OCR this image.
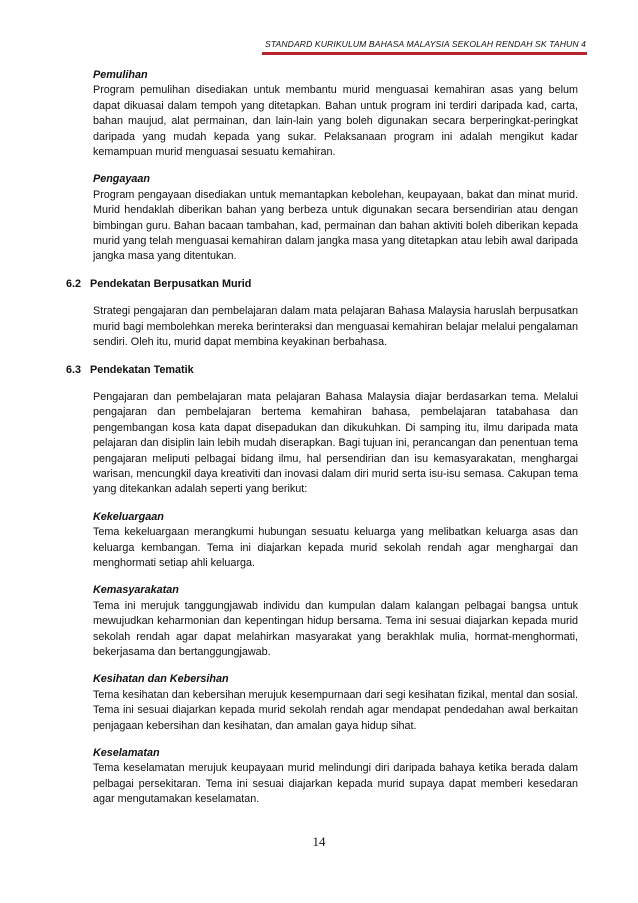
STANDARD KURIKULUM BAHASA MALAYSIA SEKOLAH RENDAH SK TAHUN 4
Pemulihan
Program pemulihan disediakan untuk membantu murid menguasai kemahiran asas yang belum dapat dikuasai dalam tempoh yang ditetapkan. Bahan untuk program ini terdiri daripada kad, carta, bahan maujud, alat permainan, dan lain-lain yang boleh digunakan secara berperingkat-peringkat daripada yang mudah kepada yang sukar. Pelaksanaan program ini adalah mengikut kadar kemampuan murid menguasai sesuatu kemahiran.
Pengayaan
Program pengayaan disediakan untuk memantapkan kebolehan, keupayaan, bakat dan minat murid. Murid hendaklah diberikan bahan yang berbeza untuk digunakan secara bersendirian atau dengan bimbingan guru. Bahan bacaan tambahan, kad, permainan dan bahan aktiviti boleh diberikan kepada murid yang telah menguasai kemahiran dalam jangka masa yang ditetapkan atau lebih awal daripada jangka masa yang ditentukan.
6.2 Pendekatan Berpusatkan Murid
Strategi pengajaran dan pembelajaran dalam mata pelajaran Bahasa Malaysia haruslah berpusatkan murid bagi membolehkan mereka berinteraksi dan menguasai kemahiran belajar melalui pengalaman sendiri. Oleh itu, murid dapat membina keyakinan berbahasa.
6.3 Pendekatan Tematik
Pengajaran dan pembelajaran mata pelajaran Bahasa Malaysia diajar berdasarkan tema. Melalui pengajaran dan pembelajaran bertema kemahiran bahasa, pembelajaran tatabahasa dan pengembangan kosa kata dapat disepadukan dan dikukuhkan. Di samping itu, ilmu daripada mata pelajaran dan disiplin lain lebih mudah diserapkan. Bagi tujuan ini, perancangan dan penentuan tema pengajaran meliputi pelbagai bidang ilmu, hal persendirian dan isu kemasyarakatan, menghargai warisan, mencungkil daya kreativiti dan inovasi dalam diri murid serta isu-isu semasa. Cakupan tema yang ditekankan adalah seperti yang berikut:
Kekeluargaan
Tema kekeluargaan merangkumi hubungan sesuatu keluarga yang melibatkan keluarga asas dan keluarga kembangan. Tema ini diajarkan kepada murid sekolah rendah agar menghargai dan menghormati setiap ahli keluarga.
Kemasyarakatan
Tema ini merujuk tanggungjawab individu dan kumpulan dalam kalangan pelbagai bangsa untuk mewujudkan keharmonian dan kepentingan hidup bersama. Tema ini sesuai diajarkan kepada murid sekolah rendah agar dapat melahirkan masyarakat yang berakhlak mulia, hormat-menghormati, bekerjasama dan bertanggungjawab.
Kesihatan dan Kebersihan
Tema kesihatan dan kebersihan merujuk kesempurnaan dari segi kesihatan fizikal, mental dan sosial. Tema ini sesuai diajarkan kepada murid sekolah rendah agar mendapat pendedahan awal berkaitan penjagaan kebersihan dan kesihatan, dan amalan gaya hidup sihat.
Keselamatan
Tema keselamatan merujuk keupayaan murid melindungi diri daripada bahaya ketika berada dalam pelbagai persekitaran. Tema ini sesuai diajarkan kepada murid supaya dapat memberi kesedaran agar mengutamakan keselamatan.
14
